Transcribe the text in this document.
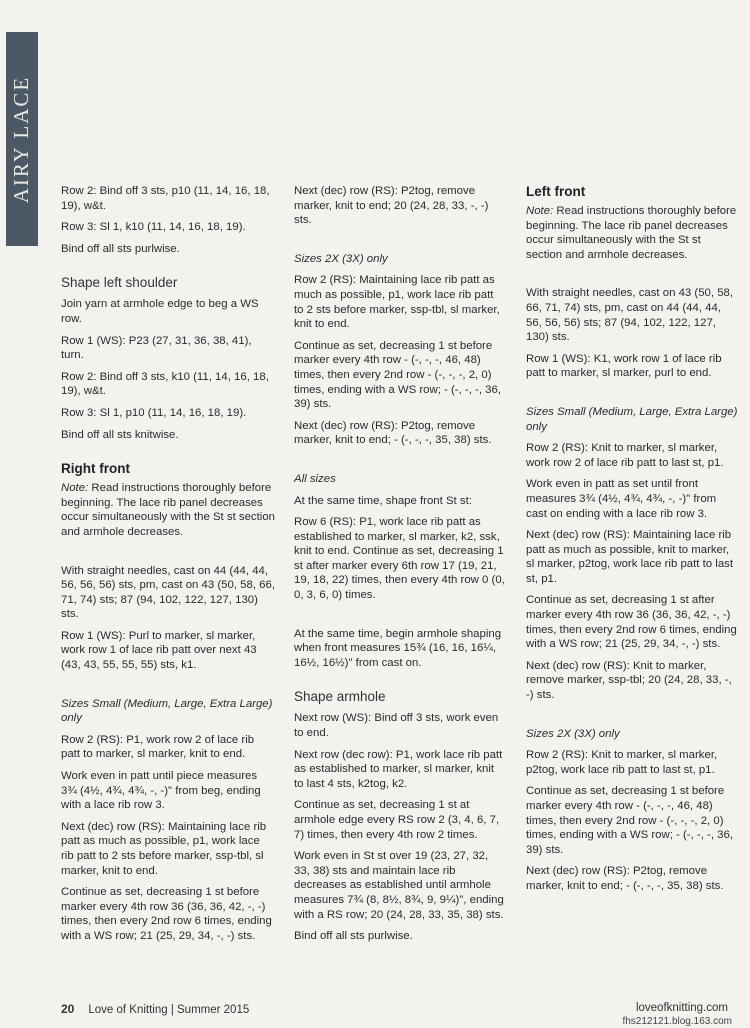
AIRY LACE Row 2: Bind off 3 sts, p10 (11, 14, 16, 18, 19), w&t.

Row 3: Sl 1, k10 (11, 14, 16, 18, 19).

Bind off all sts purlwise.

Shape left shoulder

Join yarn at armhole edge to beg a WS row.

Row 1 (WS): P23 (27, 31, 36, 38, 41), turn.

Row 2: Bind off 3 sts, k10 (11, 14, 16, 18, 19), w&t.

Row 3: Sl 1, p10 (11, 14, 16, 18, 19).

Bind off all sts knitwise.

Right front

Note: Read instructions thoroughly before beginning. The lace rib panel decreases occur simultaneously with the St st section and armhole decreases.

With straight needles, cast on 44 (44, 44, 56, 56, 56) sts, pm, cast on 43 (50, 58, 66, 71, 74) sts; 87 (94, 102, 122, 127, 130) sts.

Row 1 (WS): Purl to marker, sl marker, work row 1 of lace rib patt over next 43 (43, 43, 55, 55, 55) sts, k1.

Sizes Small (Medium, Large, Extra Large) only

Row 2 (RS): P1, work row 2 of lace rib patt to marker, sl marker, knit to end.

Work even in patt until piece measures 3¾ (4½, 4¾, 4¾, -, -)" from beg, ending with a lace rib row 3.

Next (dec) row (RS): Maintaining lace rib patt as much as possible, p1, work lace rib patt to 2 sts before marker, ssp-tbl, sl marker, knit to end.

Continue as set, decreasing 1 st before marker every 4th row 36 (36, 36, 42, -, -) times, then every 2nd row 6 times, ending with a WS row; 21 (25, 29, 34, -, -) sts.

Next (dec) row (RS): P2tog, remove marker, knit to end; 20 (24, 28, 33, -, -) sts.

Sizes 2X (3X) only

Row 2 (RS): Maintaining lace rib patt as much as possible, p1, work lace rib patt to 2 sts before marker, ssp-tbl, sl marker, knit to end.

Continue as set, decreasing 1 st before marker every 4th row - (-, -, -, 46, 48) times, then every 2nd row - (-, -, -, 2, 0) times, ending with a WS row; - (-, -, -, 36, 39) sts.

Next (dec) row (RS): P2tog, remove marker, knit to end; - (-, -, -, 35, 38) sts.

All sizes

At the same time, shape front St st:

Row 6 (RS): P1, work lace rib patt as established to marker, sl marker, k2, ssk, knit to end. Continue as set, decreasing 1 st after marker every 6th row 17 (19, 21, 19, 18, 22) times, then every 4th row 0 (0, 0, 3, 6, 0) times.

At the same time, begin armhole shaping when front measures 15¾ (16, 16, 16¼, 16½, 16½)" from cast on.

Shape armhole

Next row (WS): Bind off 3 sts, work even to end.

Next row (dec row): P1, work lace rib patt as established to marker, sl marker, knit to last 4 sts, k2tog, k2.

Continue as set, decreasing 1 st at armhole edge every RS row 2 (3, 4, 6, 7, 7) times, then every 4th row 2 times.

Work even in St st over 19 (23, 27, 32, 33, 38) sts and maintain lace rib decreases as established until armhole measures 7¾ (8, 8½, 8¾, 9, 9¼)", ending with a RS row; 20 (24, 28, 33, 35, 38) sts.

Bind off all sts purlwise.

Left front

Note: Read instructions thoroughly before beginning. The lace rib panel decreases occur simultaneously with the St st section and armhole decreases.

With straight needles, cast on 43 (50, 58, 66, 71, 74) sts, pm, cast on 44 (44, 44, 56, 56, 56) sts; 87 (94, 102, 122, 127, 130) sts.

Row 1 (WS): K1, work row 1 of lace rib patt to marker, sl marker, purl to end.

Sizes Small (Medium, Large, Extra Large) only

Row 2 (RS): Knit to marker, sl marker, work row 2 of lace rib patt to last st, p1.

Work even in patt as set until front measures 3¾ (4½, 4¾, 4¾, -, -)" from cast on ending with a lace rib row 3.

Next (dec) row (RS): Maintaining lace rib patt as much as possible, knit to marker, sl marker, p2tog, work lace rib patt to last st, p1.

Continue as set, decreasing 1 st after marker every 4th row 36 (36, 36, 42, -, -) times, then every 2nd row 6 times, ending with a WS row; 21 (25, 29, 34, -, -) sts.

Next (dec) row (RS): Knit to marker, remove marker, ssp-tbl; 20 (24, 28, 33, -, -) sts.

Sizes 2X (3X) only

Row 2 (RS): Knit to marker, sl marker, p2tog, work lace rib patt to last st, p1.

Continue as set, decreasing 1 st before marker every 4th row - (-, -, -, 46, 48) times, then every 2nd row - (-, -, -, 2, 0) times, ending with a WS row; - (-, -, -, 36, 39) sts.

Next (dec) row (RS): P2tog, remove marker, knit to end; - (-, -, -, 35, 38) sts.

20 Love of Knitting | Summer 2015	loveofknitting.com
fhs212121.blog.163.com
